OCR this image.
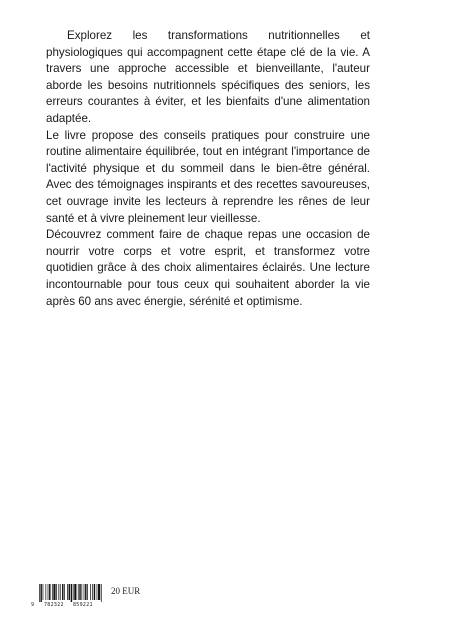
Explorez les transformations nutritionnelles et physiologiques qui accompagnent cette étape clé de la vie. A travers une approche accessible et bienveillante, l'auteur aborde les besoins nutritionnels spécifiques des seniors, les erreurs courantes à éviter, et les bienfaits d'une alimentation adaptée.

Le livre propose des conseils pratiques pour construire une routine alimentaire équilibrée, tout en intégrant l'importance de l'activité physique et du sommeil dans le bien-être général. Avec des témoignages inspirants et des recettes savoureuses, cet ouvrage invite les lecteurs à reprendre les rênes de leur santé et à vivre pleinement leur vieillesse.

Découvrez comment faire de chaque repas une occasion de nourrir votre corps et votre esprit, et transformez votre quotidien grâce à des choix alimentaires éclairés. Une lecture incontournable pour tous ceux qui souhaitent aborder la vie après 60 ans avec énergie, sérénité et optimisme.

9 782322 859221
20 EUR
